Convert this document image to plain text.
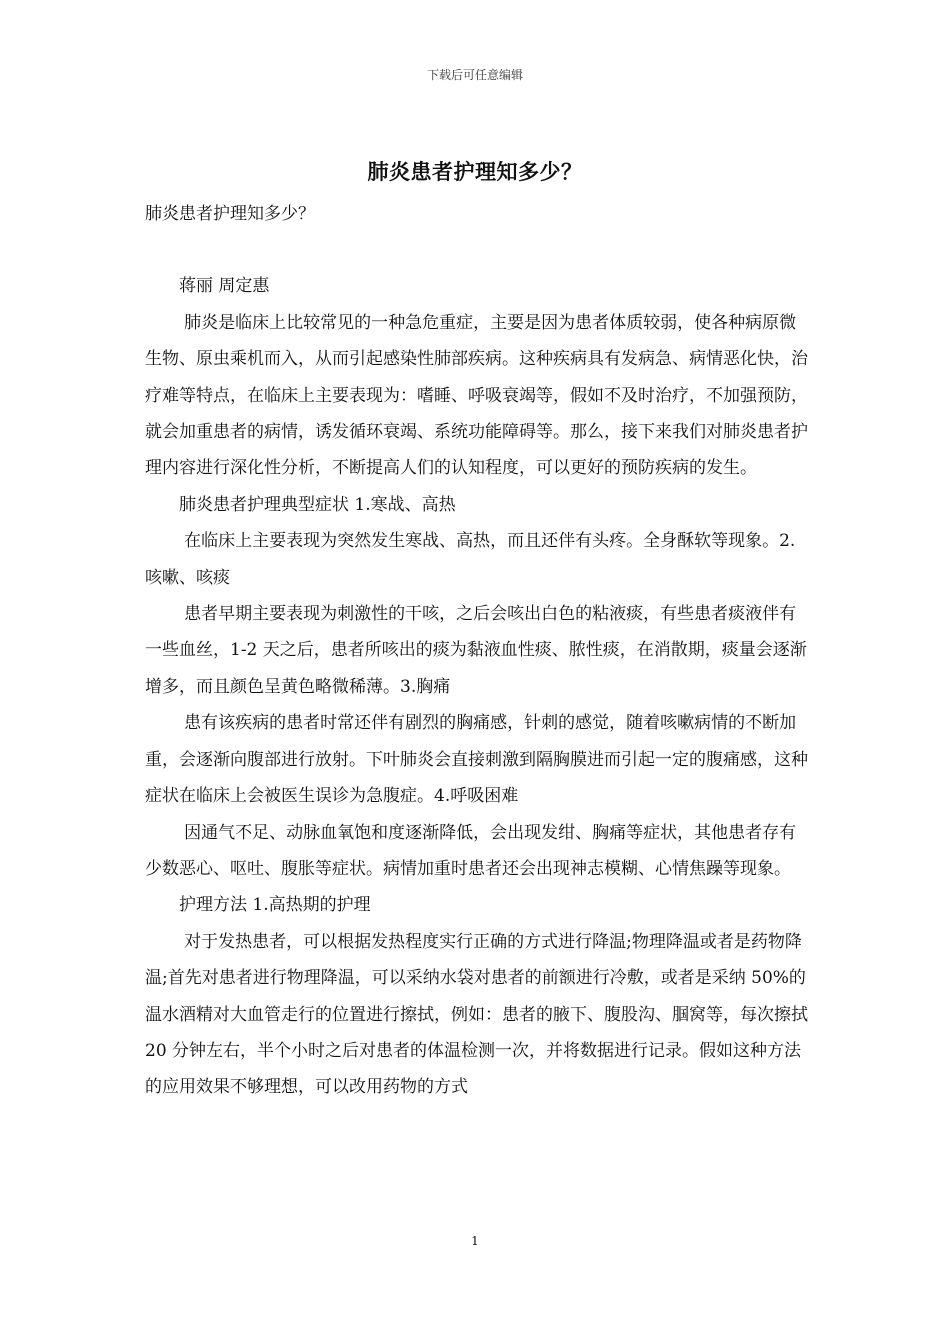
下载后可任意编辑
肺炎患者护理知多少？

肺炎患者护理知多少？

蒋丽 周定惠

肺炎是临床上比较常见的一种急危重症，主要是因为患者体质较弱，使各种病原微生物、原虫乘机而入，从而引起感染性肺部疾病。这种疾病具有发病急、病情恶化快，治疗难等特点，在临床上主要表现为：嗜睡、呼吸衰竭等，假如不及时治疗，不加强预防，就会加重患者的病情，诱发循环衰竭、系统功能障碍等。那么，接下来我们对肺炎患者护理内容进行深化性分析，不断提高人们的认知程度，可以更好的预防疾病的发生。

肺炎患者护理典型症状 1.寒战、高热

在临床上主要表现为突然发生寒战、高热，而且还伴有头疼。全身酥软等现象。2.咳嗽、咳痰

患者早期主要表现为刺激性的干咳，之后会咳出白色的粘液痰，有些患者痰液伴有一些血丝，1-2 天之后，患者所咳出的痰为黏液血性痰、脓性痰，在消散期，痰量会逐渐增多，而且颜色呈黄色略微稀薄。3.胸痛

患有该疾病的患者时常还伴有剧烈的胸痛感，针刺的感觉，随着咳嗽病情的不断加重，会逐渐向腹部进行放射。下叶肺炎会直接刺激到隔胸膜进而引起一定的腹痛感，这种症状在临床上会被医生误诊为急腹症。4.呼吸困难

因通气不足、动脉血氧饱和度逐渐降低，会出现发绀、胸痛等症状，其他患者存有少数恶心、呕吐、腹胀等症状。病情加重时患者还会出现神志模糊、心情焦躁等现象。

护理方法 1.高热期的护理

对于发热患者，可以根据发热程度实行正确的方式进行降温;物理降温或者是药物降温;首先对患者进行物理降温，可以采纳水袋对患者的前额进行冷敷，或者是采纳 50%的温水酒精对大血管走行的位置进行擦拭，例如：患者的腋下、腹股沟、腘窝等，每次擦拭 20 分钟左右，半个小时之后对患者的体温检测一次，并将数据进行记录。假如这种方法的应用效果不够理想，可以改用药物的方式

1
